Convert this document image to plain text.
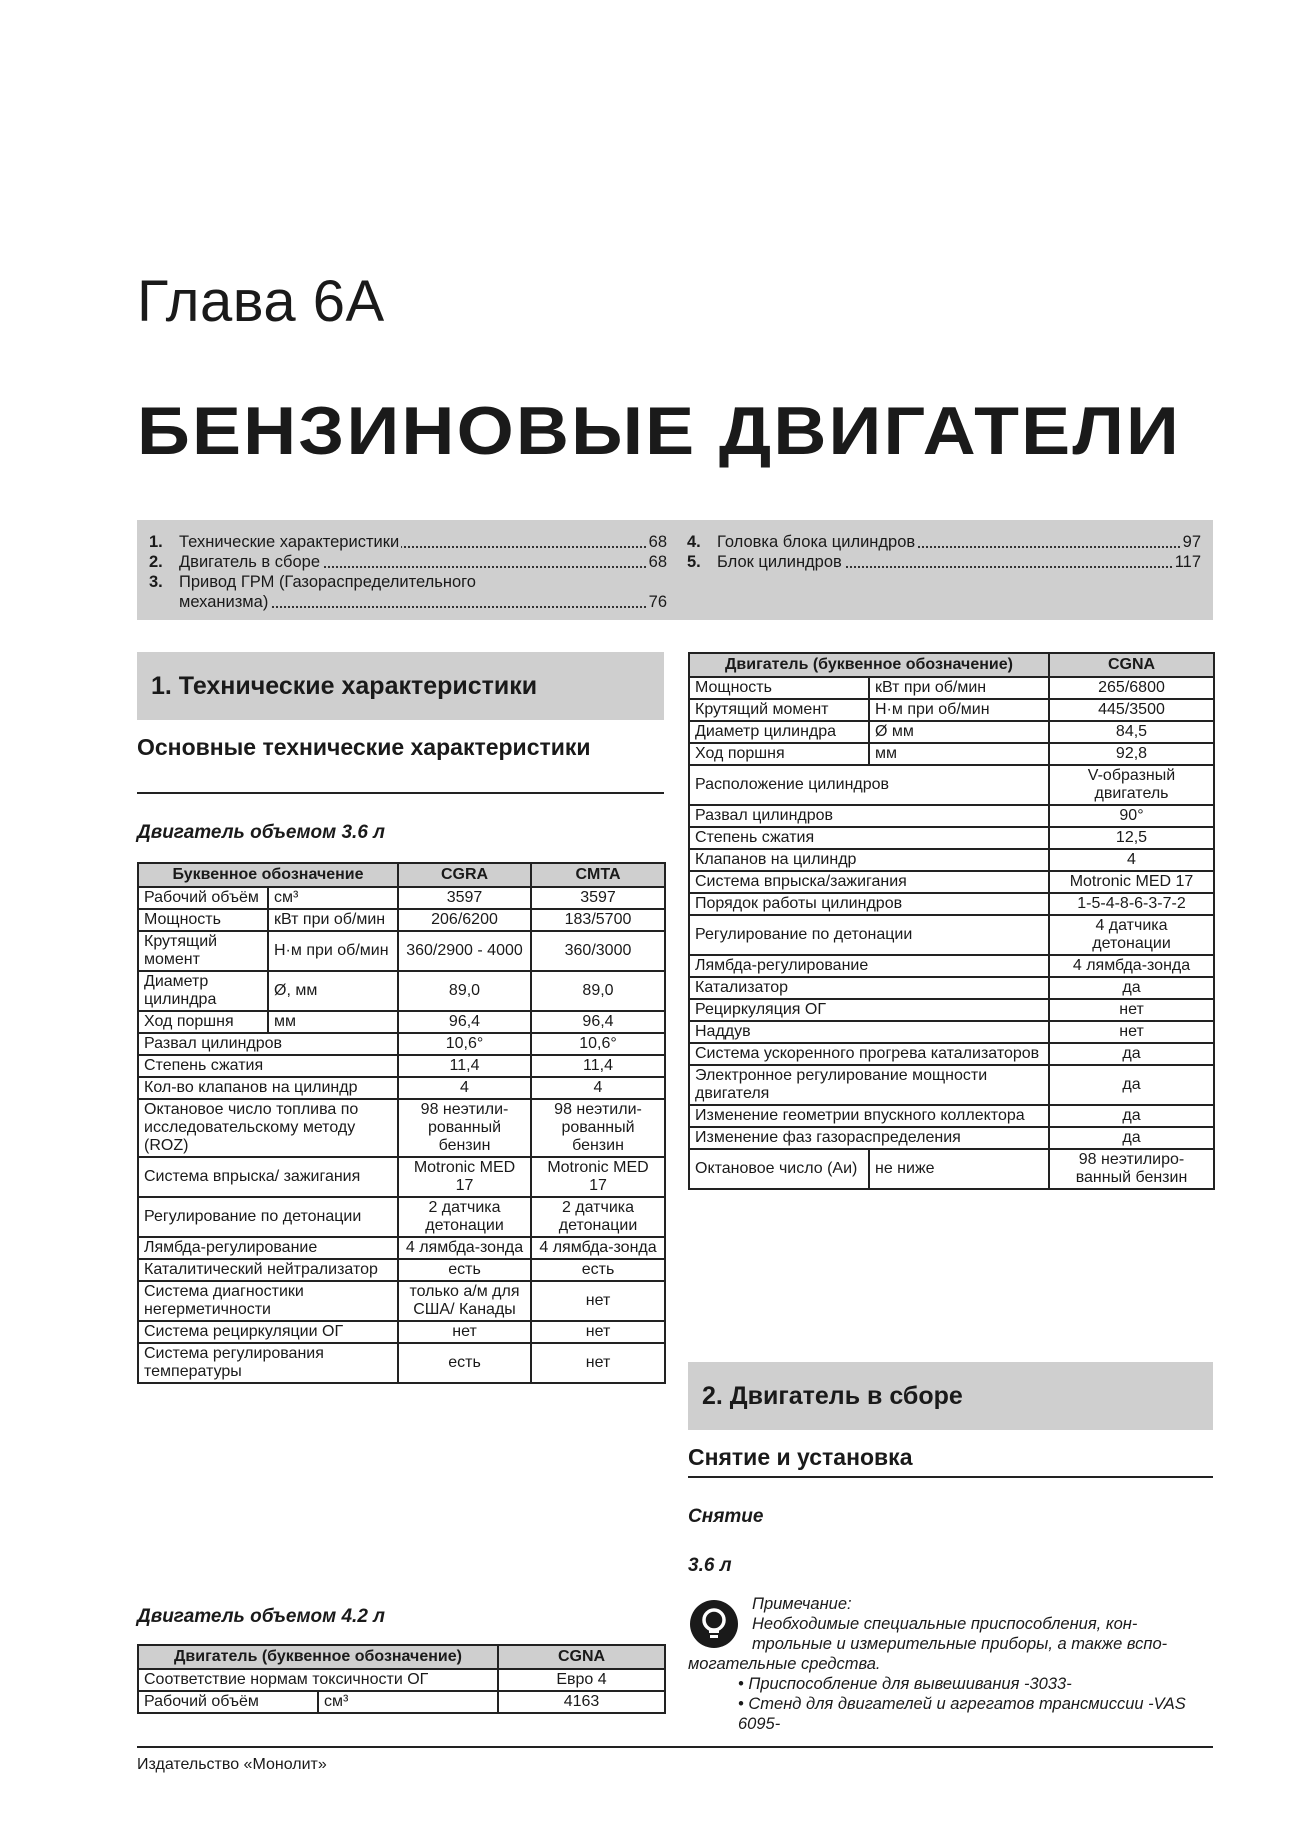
Глава 6А
БЕНЗИНОВЫЕ ДВИГАТЕЛИ
1. Технические характеристики	68
2. Двигатель в сборе	68
3. Привод ГРМ (Газораспределительного
механизма)	76
4. Головка блока цилиндров	97
5. Блок цилиндров	117
1. Технические характеристики
Основные технические характеристики
Двигатель объемом 3.6 л
Буквенное обозначение		CGRA	CMTA
Рабочий объём	см³	3597	3597
Мощность	кВт при об/мин	206/6200	183/5700
Крутящий момент	Н·м при об/мин	360/2900 - 4000	360/3000
Диаметр цилиндра	Ø, мм	89,0	89,0
Ход поршня	мм	96,4	96,4
Развал цилиндров		10,6°	10,6°
Степень сжатия		11,4	11,4
Кол-во клапанов на цилиндр		4	4
Октановое число топлива по исследовательскому методу (ROZ)		98 неэтили-рованный бензин	98 неэтили-рованный бензин
Система впрыска/ зажигания		Motronic MED 17	Motronic MED 17
Регулирование по детонации		2 датчика детонации	2 датчика детонации
Лямбда-регулирование		4 лямбда-зонда	4 лямбда-зонда
Каталитический нейтрализатор		есть	есть
Система диагностики негерметичности		только а/м для США/ Канады	нет
Система рециркуляции ОГ		нет	нет
Система регулирования температуры		есть	нет
Двигатель объемом 4.2 л
Двигатель (буквенное обозначение)		CGNA
Соответствие нормам токсичности ОГ		Евро 4
Рабочий объём	см³	4163
Двигатель (буквенное обозначение)		CGNA
Мощность	кВт при об/мин	265/6800
Крутящий момент	Н·м при об/мин	445/3500
Диаметр цилиндра	Ø мм	84,5
Ход поршня	мм	92,8
Расположение цилиндров		V-образный двигатель
Развал цилиндров		90°
Степень сжатия		12,5
Клапанов на цилиндр		4
Система впрыска/зажигания		Motronic MED 17
Порядок работы цилиндров		1-5-4-8-6-3-7-2
Регулирование по детонации		4 датчика детонации
Лямбда-регулирование		4 лямбда-зонда
Катализатор		да
Рециркуляция ОГ		нет
Наддув		нет
Система ускоренного прогрева катализаторов		да
Электронное регулирование мощности двигателя		да
Изменение геометрии впускного коллектора		да
Изменение фаз газораспределения		да
Октановое число (Аи)	не ниже	98 неэтилиро-ванный бензин
2. Двигатель в сборе
Снятие и установка
Снятие
3.6 л
Примечание:
Необходимые специальные приспособления, кон-
трольные и измерительные приборы, а также вспо-
могательные средства.
• Приспособление для вывешивания -3033-
• Стенд для двигателей и агрегатов трансмиссии -VAS 6095-
Издательство «Монолит»
